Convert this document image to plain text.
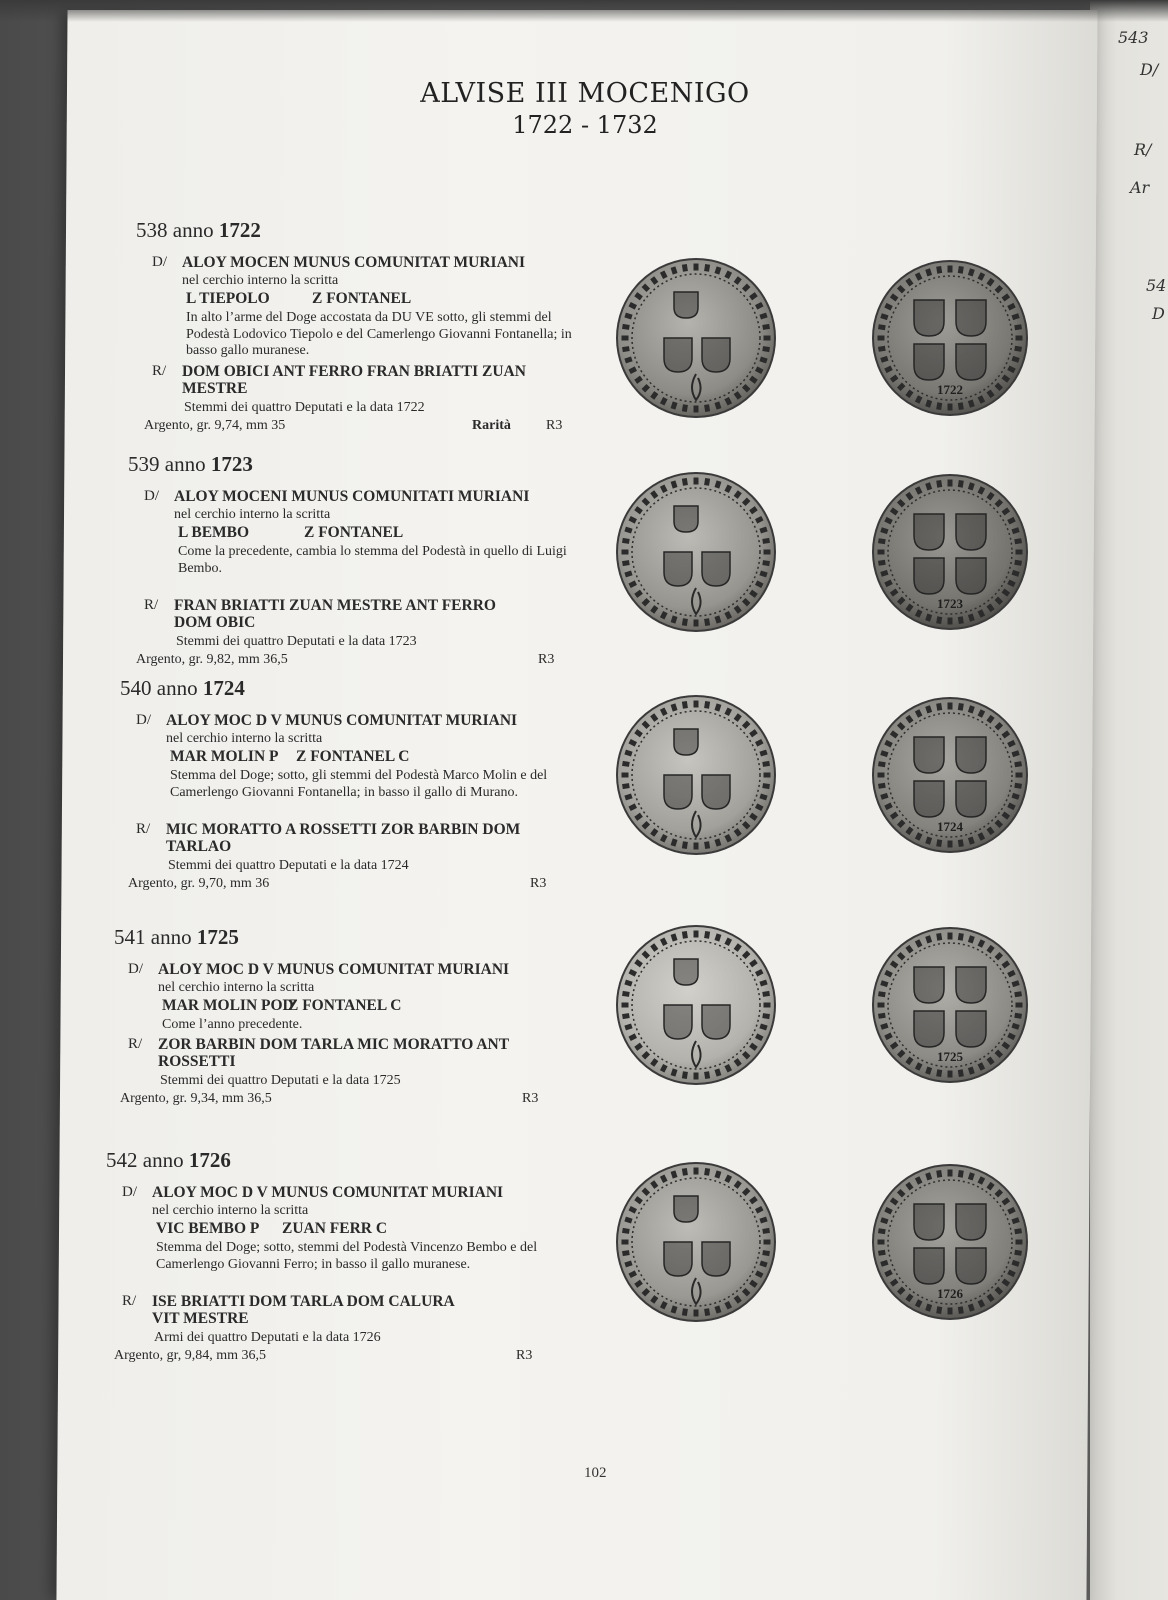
543
D/
R/
Ar
54
D
ALVISE III MOCENIGO
1722 - 1732
538 anno 1722
D/ ALOY MOCEN MUNUS COMUNITAT MURIANI
nel cerchio interno la scritta
L TIEPOLO	Z FONTANEL
In alto l’arme del Doge accostata da DU VE sotto, gli stemmi del Podestà Lodovico Tiepolo e del Camerlengo Giovanni Fontanella; in basso gallo muranese.
R/ DOM OBICI ANT FERRO FRAN BRIATTI ZUAN
MESTRE
Stemmi dei quattro Deputati e la data 1722
Argento, gr. 9,74, mm 35	Rarità	R3
1722
539 anno 1723
D/ ALOY MOCENI MUNUS COMUNITATI MURIANI
nel cerchio interno la scritta
L BEMBO	Z FONTANEL
Come la precedente, cambia lo stemma del Podestà in quello di Luigi Bembo.
R/ FRAN BRIATTI ZUAN MESTRE ANT FERRO
DOM OBIC
Stemmi dei quattro Deputati e la data 1723
Argento, gr. 9,82, mm 36,5	R3
1723
540 anno 1724
D/ ALOY MOC D V MUNUS COMUNITAT MURIANI
nel cerchio interno la scritta
MAR MOLIN P Z FONTANEL C
Stemma del Doge; sotto, gli stemmi del Podestà Marco Molin e del Camerlengo Giovanni Fontanella; in basso il gallo di Murano.
R/ MIC MORATTO A ROSSETTI ZOR BARBIN DOM
TARLAO
Stemmi dei quattro Deputati e la data 1724
Argento, gr. 9,70, mm 36	R3
1724
541 anno 1725
D/ ALOY MOC D V MUNUS COMUNITAT MURIANI
nel cerchio interno la scritta
MAR MOLIN POD
Z FONTANEL C
Come l’anno precedente.
R/ ZOR BARBIN DOM TARLA MIC MORATTO ANT
ROSSETTI
Stemmi dei quattro Deputati e la data 1725
Argento, gr. 9,34, mm 36,5	R3
1725
542 anno 1726
D/ ALOY MOC D V MUNUS COMUNITAT MURIANI
nel cerchio interno la scritta
VIC BEMBO P ZUAN FERR C
Stemma del Doge; sotto, stemmi del Podestà Vincenzo Bembo e del Camerlengo Giovanni Ferro; in basso il gallo muranese.
R/ ISE BRIATTI DOM TARLA DOM CALURA
VIT MESTRE
Armi dei quattro Deputati e la data 1726
Argento, gr, 9,84, mm 36,5	R3
1726
102
